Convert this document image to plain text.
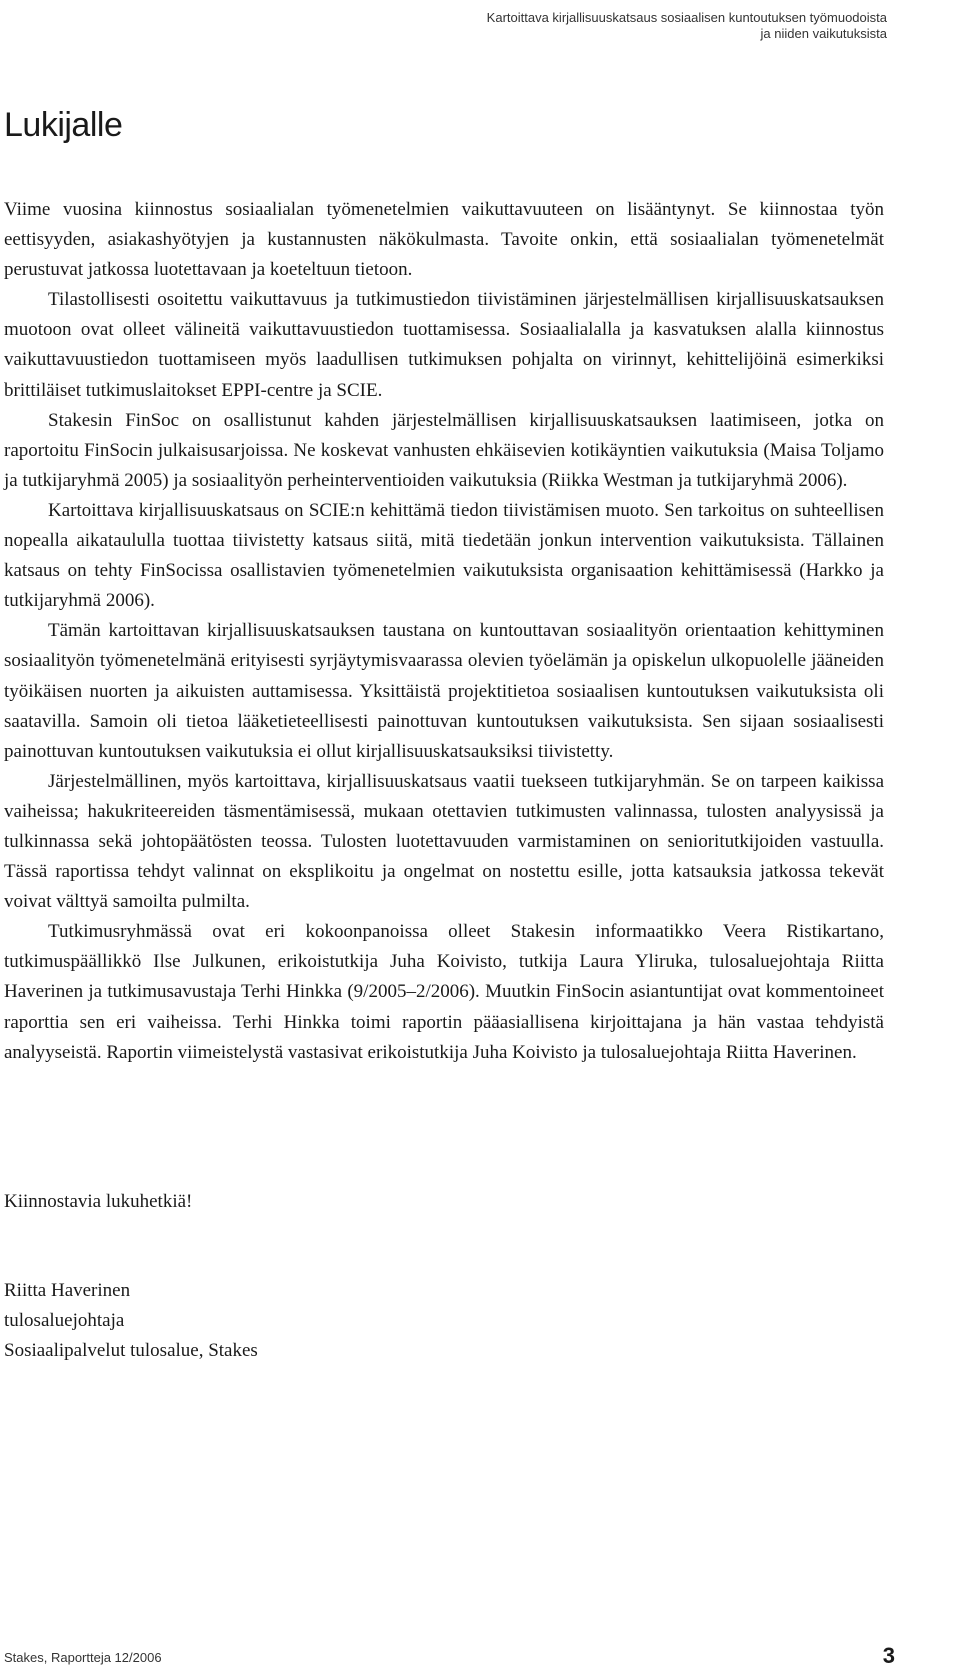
Kartoittava kirjallisuuskatsaus sosiaalisen kuntoutuksen työmuodoista
ja niiden vaikutuksista
Lukijalle

Viime vuosina kiinnostus sosiaalialan työmenetelmien vaikuttavuuteen on lisääntynyt. Se kiinnostaa työn eettisyyden, asiakashyötyjen ja kustannusten näkökulmasta. Tavoite onkin, että sosiaalialan työmenetelmät perustuvat jatkossa luotettavaan ja koeteltuun tietoon.

Tilastollisesti osoitettu vaikuttavuus ja tutkimustiedon tiivistäminen järjestelmällisen kirjallisuuskatsauksen muotoon ovat olleet välineitä vaikuttavuustiedon tuottamisessa. Sosiaalialalla ja kasvatuksen alalla kiinnostus vaikuttavuustiedon tuottamiseen myös laadullisen tutkimuksen pohjalta on virinnyt, kehittelijöinä esimerkiksi brittiläiset tutkimuslaitokset EPPI-centre ja SCIE.

Stakesin FinSoc on osallistunut kahden järjestelmällisen kirjallisuuskatsauksen laatimiseen, jotka on raportoitu FinSocin julkaisusarjoissa. Ne koskevat vanhusten ehkäisevien kotikäyntien vaikutuksia (Maisa Toljamo ja tutkijaryhmä 2005) ja sosiaalityön perheinterventioiden vaikutuksia (Riikka Westman ja tutkijaryhmä 2006).

Kartoittava kirjallisuuskatsaus on SCIE:n kehittämä tiedon tiivistämisen muoto. Sen tarkoitus on suhteellisen nopealla aikataululla tuottaa tiivistetty katsaus siitä, mitä tiedetään jonkun intervention vaikutuksista. Tällainen katsaus on tehty FinSocissa osallistavien työmenetelmien vaikutuksista organisaation kehittämisessä (Harkko ja tutkijaryhmä 2006).

Tämän kartoittavan kirjallisuuskatsauksen taustana on kuntouttavan sosiaalityön orientaation kehittyminen sosiaalityön työmenetelmänä erityisesti syrjäytymisvaarassa olevien työelämän ja opiskelun ulkopuolelle jääneiden työikäisen nuorten ja aikuisten auttamisessa. Yksittäistä projektitietoa sosiaalisen kuntoutuksen vaikutuksista oli saatavilla. Samoin oli tietoa lääketieteellisesti painottuvan kuntoutuksen vaikutuksista. Sen sijaan sosiaalisesti painottuvan kuntoutuksen vaikutuksia ei ollut kirjallisuuskatsauksiksi tiivistetty.

Järjestelmällinen, myös kartoittava, kirjallisuuskatsaus vaatii tuekseen tutkijaryhmän. Se on tarpeen kaikissa vaiheissa; hakukriteereiden täsmentämisessä, mukaan otettavien tutkimusten valinnassa, tulosten analyysissä ja tulkinnassa sekä johtopäätösten teossa. Tulosten luotettavuuden varmistaminen on senioritutkijoiden vastuulla. Tässä raportissa tehdyt valinnat on eksplikoitu ja ongelmat on nostettu esille, jotta katsauksia jatkossa tekevät voivat välttyä samoilta pulmilta.

Tutkimusryhmässä ovat eri kokoonpanoissa olleet Stakesin informaatikko Veera Ristikartano, tutkimuspäällikkö Ilse Julkunen, erikoistutkija Juha Koivisto, tutkija Laura Yliruka, tulosaluejohtaja Riitta Haverinen ja tutkimusavustaja Terhi Hinkka (9/2005–2/2006). Muutkin FinSocin asiantuntijat ovat kommentoineet raporttia sen eri vaiheissa. Terhi Hinkka toimi raportin pääasiallisena kirjoittajana ja hän vastaa tehdyistä analyyseistä. Raportin viimeistelystä vastasivat erikoistutkija Juha Koivisto ja tulosaluejohtaja Riitta Haverinen.

Kiinnostavia lukuhetkiä!
Riitta Haverinen
tulosaluejohtaja
Sosiaalipalvelut tulosalue, Stakes
Stakes, Raportteja 12/2006	3
